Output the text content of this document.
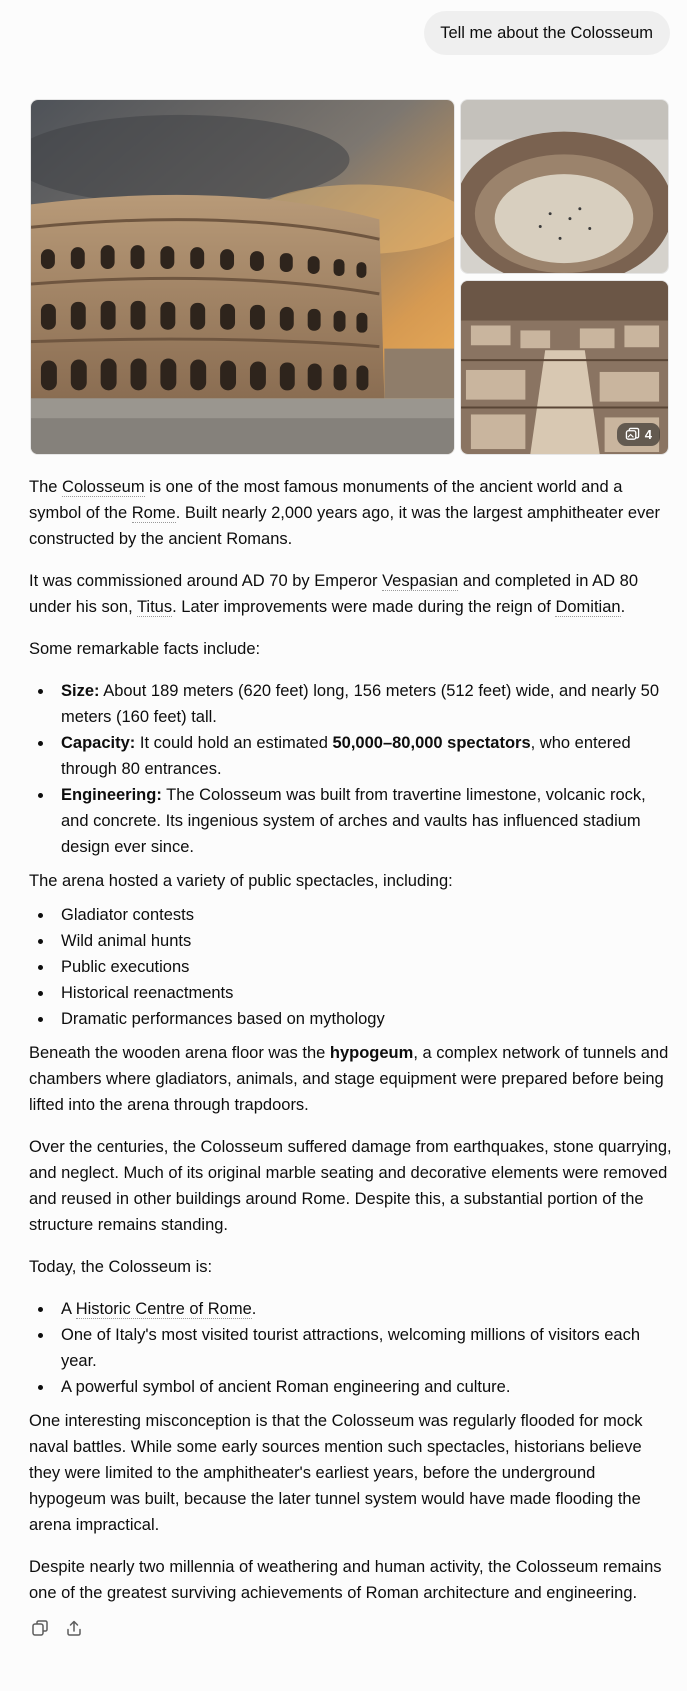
Tell me about the Colosseum
4

The Colosseum is one of the most famous monuments of the ancient world and a symbol of the Rome. Built nearly 2,000 years ago, it was the largest amphitheater ever constructed by the ancient Romans.

It was commissioned around AD 70 by Emperor Vespasian and completed in AD 80 under his son, Titus. Later improvements were made during the reign of Domitian.

Some remarkable facts include:

Size: About 189 meters (620 feet) long, 156 meters (512 feet) wide, and nearly 50 meters (160 feet) tall.
Capacity: It could hold an estimated 50,000–80,000 spectators, who entered through 80 entrances.
Engineering: The Colosseum was built from travertine limestone, volcanic rock, and concrete. Its ingenious system of arches and vaults has influenced stadium design ever since.

The arena hosted a variety of public spectacles, including:

Gladiator contests
Wild animal hunts
Public executions
Historical reenactments
Dramatic performances based on mythology

Beneath the wooden arena floor was the hypogeum, a complex network of tunnels and chambers where gladiators, animals, and stage equipment were prepared before being lifted into the arena through trapdoors.

Over the centuries, the Colosseum suffered damage from earthquakes, stone quarrying, and neglect. Much of its original marble seating and decorative elements were removed and reused in other buildings around Rome. Despite this, a substantial portion of the structure remains standing.

Today, the Colosseum is:

A Historic Centre of Rome.
One of Italy's most visited tourist attractions, welcoming millions of visitors each year.
A powerful symbol of ancient Roman engineering and culture.

One interesting misconception is that the Colosseum was regularly flooded for mock naval battles. While some early sources mention such spectacles, historians believe they were limited to the amphitheater's earliest years, before the underground hypogeum was built, because the later tunnel system would have made flooding the arena impractical.

Despite nearly two millennia of weathering and human activity, the Colosseum remains one of the greatest surviving achievements of Roman architecture and engineering.
